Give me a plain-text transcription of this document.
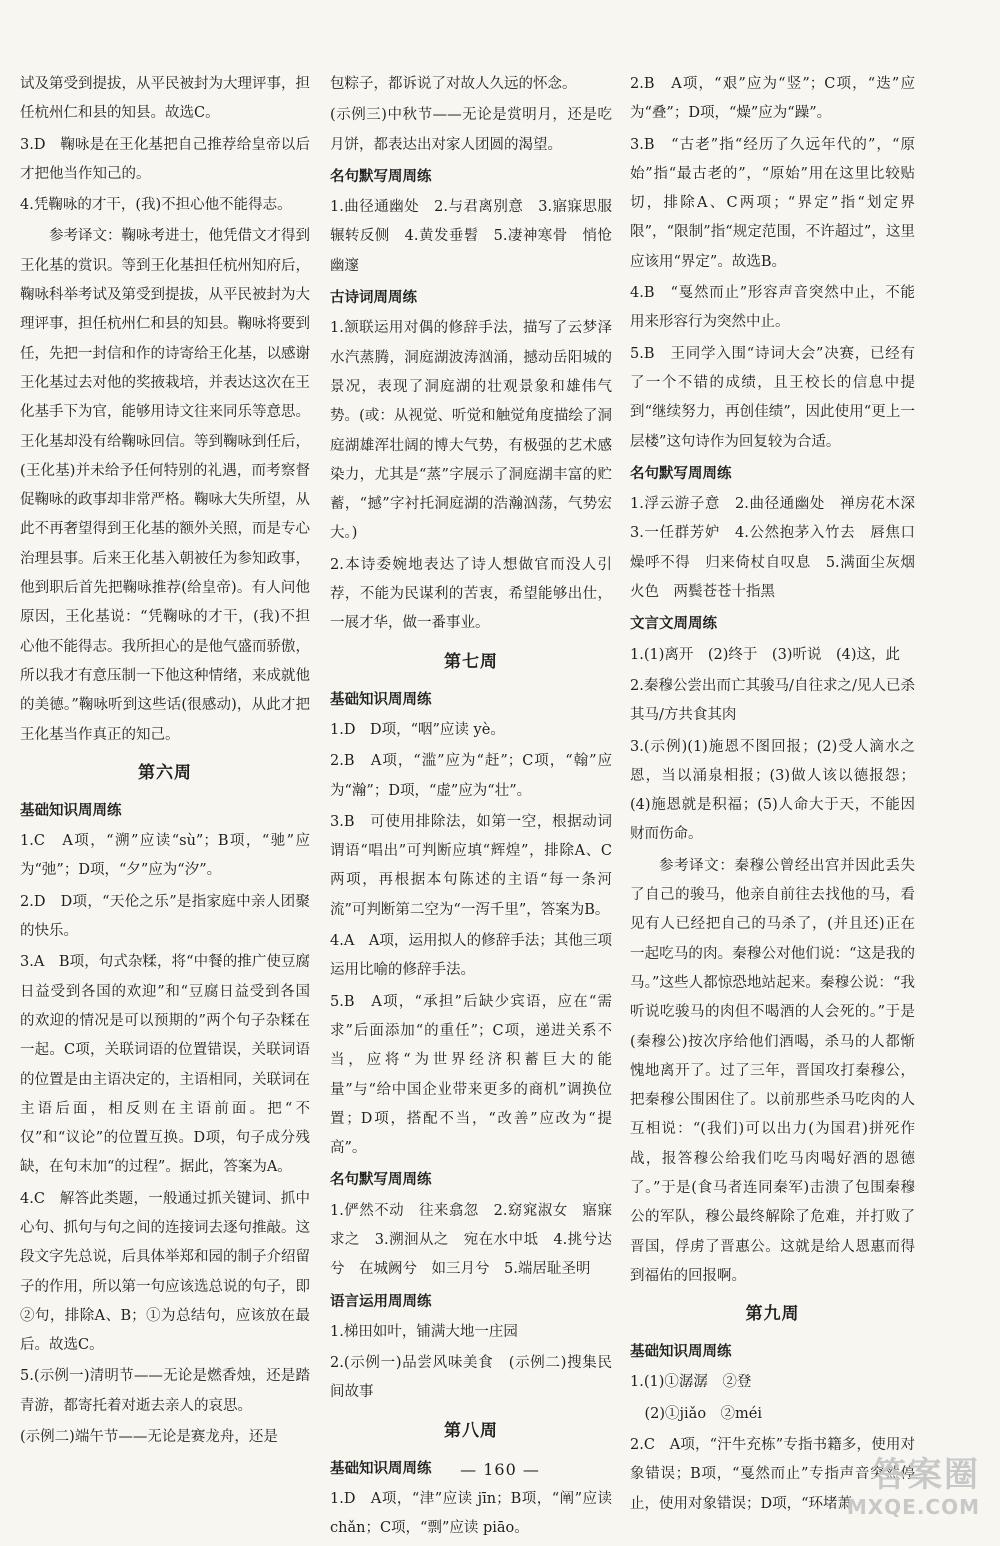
试及第受到提拔，从平民被封为大理评事，担任杭州仁和县的知县。故选C。

3.D　鞠咏是在王化基把自己推荐给皇帝以后才把他当作知己的。

4.凭鞠咏的才干，(我)不担心他不能得志。

参考译文：鞠咏考进士，他凭借文才得到王化基的赏识。等到王化基担任杭州知府后，鞠咏科举考试及第受到提拔，从平民被封为大理评事，担任杭州仁和县的知县。鞠咏将要到任，先把一封信和作的诗寄给王化基，以感谢王化基过去对他的奖掖栽培，并表达这次在王化基手下为官，能够用诗文往来同乐等意思。王化基却没有给鞠咏回信。等到鞠咏到任后，(王化基)并未给予任何特别的礼遇，而考察督促鞠咏的政事却非常严格。鞠咏大失所望，从此不再奢望得到王化基的额外关照，而是专心治理县事。后来王化基入朝被任为参知政事，他到职后首先把鞠咏推荐(给皇帝)。有人问他原因，王化基说：“凭鞠咏的才干，(我)不担心他不能得志。我所担心的是他气盛而骄傲，所以我才有意压制一下他这种情绪，来成就他的美德。”鞠咏听到这些话(很感动)，从此才把王化基当作真正的知己。

第六周

基础知识周周练

1.C　A项，“溯”应读“sù”；B项，“驰”应为“弛”；D项，“夕”应为“汐”。

2.D　D项，“天伦之乐”是指家庭中亲人团聚的快乐。

3.A　B项，句式杂糅，将“中餐的推广使豆腐日益受到各国的欢迎”和“豆腐日益受到各国的欢迎的情况是可以预期的”两个句子杂糅在一起。C项，关联词语的位置错误，关联词语的位置是由主语决定的，主语相同，关联词在主语后面，相反则在主语前面。把“不仅”和“议论”的位置互换。D项，句子成分残缺，在句末加“的过程”。据此，答案为A。

4.C　解答此类题，一般通过抓关键词、抓中心句、抓句与句之间的连接词去逐句推敲。这段文字先总说，后具体举郑和园的制子介绍留子的作用，所以第一句应该选总说的句子，即②句，排除A、B；①为总结句，应该放在最后。故选C。

5.(示例一)清明节——无论是燃香烛，还是踏青游，都寄托着对逝去亲人的哀思。

(示例二)端午节——无论是赛龙舟，还是

包粽子，都诉说了对故人久远的怀念。

(示例三)中秋节——无论是赏明月，还是吃月饼，都表达出对家人团圆的渴望。

名句默写周周练

1.曲径通幽处　2.与君离别意　3.寤寐思服　辗转反侧　4.黄发垂髫　5.凄神寒骨　悄怆幽邃

古诗词周周练

1.颔联运用对偶的修辞手法，描写了云梦泽水汽蒸腾，洞庭湖波涛汹涌，撼动岳阳城的景况，表现了洞庭湖的壮观景象和雄伟气势。(或：从视觉、听觉和触觉角度描绘了洞庭湖雄浑壮阔的博大气势，有极强的艺术感染力，尤其是“蒸”字展示了洞庭湖丰富的贮蓄，“撼”字衬托洞庭湖的浩瀚汹荡，气势宏大。)

2.本诗委婉地表达了诗人想做官而没人引荐，不能为民谋利的苦衷，希望能够出仕，一展才华，做一番事业。

第七周

基础知识周周练

1.D　D项，“咽”应读 yè。

2.B　A项，“滥”应为“赶”；C项，“翰”应为“瀚”；D项，“虚”应为“壮”。

3.B　可使用排除法，如第一空，根据动词谓语“唱出”可判断应填“辉煌”，排除A、C两项，再根据本句陈述的主语“每一条河流”可判断第二空为“一泻千里”，答案为B。

4.A　A项，运用拟人的修辞手法；其他三项运用比喻的修辞手法。

5.B　A项，“承担”后缺少宾语，应在“需求”后面添加“的重任”；C项，递进关系不当，应将“为世界经济积蓄巨大的能量”与“给中国企业带来更多的商机”调换位置；D项，搭配不当，“改善”应改为“提高”。

名句默写周周练

1.俨然不动　往来翕忽　2.窈窕淑女　寤寐求之　3.溯洄从之　宛在水中坻　4.挑兮达兮　在城阙兮　如三月兮　5.端居耻圣明

语言运用周周练

1.梯田如叶，铺满大地一庄园

2.(示例一)品尝风味美食　(示例二)搜集民间故事

第八周

基础知识周周练

1.D　A项，“津”应读 jīn；B项，“阐”应读 chǎn；C项，“剽”应读 piāo。

2.B　A项，“艰”应为“竖”；C项，“迭”应为“叠”；D项，“燥”应为“躁”。

3.B　“古老”指“经历了久远年代的”，“原始”指“最古老的”，“原始”用在这里比较贴切，排除A、C两项；“界定”指“划定界限”，“限制”指“规定范围，不许超过”，这里应该用“界定”。故选B。

4.B　“戛然而止”形容声音突然中止，不能用来形容行为突然中止。

5.B　王同学入围“诗词大会”决赛，已经有了一个不错的成绩，且王校长的信息中提到“继续努力，再创佳绩”，因此使用“更上一层楼”这句诗作为回复较为合适。

名句默写周周练

1.浮云游子意　2.曲径通幽处　禅房花木深　3.一任群芳妒　4.公然抱茅入竹去　唇焦口燥呼不得　归来倚杖自叹息　5.满面尘灰烟火色　两鬓苍苍十指黑

文言文周周练

1.(1)离开　(2)终于　(3)听说　(4)这，此

2.秦穆公尝出而亡其骏马/自往求之/见人已杀其马/方共食其肉

3.(示例)(1)施恩不图回报；(2)受人滴水之恩，当以涌泉相报；(3)做人该以德报怨；(4)施恩就是积福；(5)人命大于天，不能因财而伤命。

参考译文：秦穆公曾经出宫并因此丢失了自己的骏马，他亲自前往去找他的马，看见有人已经把自己的马杀了，(并且还)正在一起吃马的肉。秦穆公对他们说：“这是我的马。”这些人都惊恐地站起来。秦穆公说：“我听说吃骏马的肉但不喝酒的人会死的。”于是(秦穆公)按次序给他们酒喝，杀马的人都惭愧地离开了。过了三年，晋国攻打秦穆公，把秦穆公围困住了。以前那些杀马吃肉的人互相说：“(我们)可以出力(为国君)拼死作战，报答穆公给我们吃马肉喝好酒的恩德了。”于是(食马者连同秦军)击溃了包围秦穆公的军队，穆公最终解除了危难，并打败了晋国，俘虏了晋惠公。这就是给人恩惠而得到福佑的回报啊。

第九周

基础知识周周练

1.(1)①潺潺　②登

　(2)①jiǎo　②méi

2.C　A项，“汗牛充栋”专指书籍多，使用对象错误；B项，“戛然而止”专指声音突然停止，使用对象错误；D项，“环堵萧

— 160 —	答案圈
MXQE.COM
